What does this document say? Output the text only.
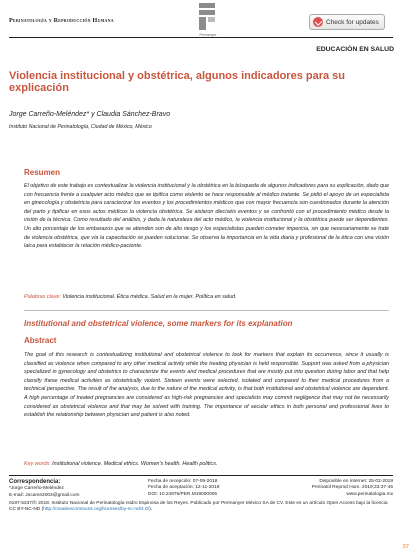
Perinatología y Reproducción Humana
Permanyer
Check for updates
EDUCACIÓN EN SALUD
Violencia institucional y obstétrica, algunos indicadores para su explicación
Jorge Carreño-Meléndez* y Claudia Sánchez-Bravo
Instituto Nacional de Perinatología, Ciudad de México, México
Resumen
El objetivo de este trabajo es contextualizar la violencia institucional y la obstétrica en la búsqueda de algunos indicadores para su explicación, dado que con frecuencia frente a cualquier acto médico que se tipifica como violento se hace responsable al médico tratante. Se pidió el apoyo de un especialista en ginecología y obstetricia para caracterizar los eventos y los procedimientos médicos que con mayor frecuencia son cuestionados durante la atención del parto y tipificar en esos actos médicos la violencia obstétrica. Se aislaron dieciséis eventos y se confrontó con el procedimiento médico desde la visión de la técnica. Como resultado del análisis, y dada la naturaleza del acto médico, la violencia institucional y la obstétrica puede ser dependientes. Un alto porcentaje de los embarazos que se atienden son de alto riesgo y los especialistas pueden cometer impericia, sin que necesariamente se trate de violencia obstétrica, que vía la capacitación se pueden solucionar. Se observa la importancia en la vida diaria y profesional de la ética con una visión laica para establecer la relación médico-paciente.
Palabras clave: Violencia institucional. Ética médica. Salud en la mujer. Política en salud.
Institutional and obstetrical violence, some markers for its explanation
Abstract
The goal of this research is contextualizing institutional and obstetrical violence to look for markers that explain its occurrence, since it usually is classified as violence when compared to any other medical activity while the treating physician is held responsible. Support was asked from a physician specialized in gynecology and obstetrics to characterize the events and medical procedures that are mostly put into question during labor and that help classify these medical activities as obstetrically violent. Sixteen events were selected, isolated and compared to their medical procedures from a technical perspective. The result of the analysis, due to the nature of the medical activity, is that both institutional and obstetrical violence are dependent. A high percentage of treated pregnancies are considered as high-risk pregnancies and specialists may commit negligence that may not be necessarily considered as obstetrical violence and that may be solved with training. The importance of secular ethics in both personal and professional lives to establish the relationship between physician and patient is also noted.
Key words: Institutional violence. Medical ethics. Women's health. Health politics.
Correspondencia:
*Jorge Carreño-Meléndez
E-mail: Jocame2003@gmail.com
Fecha de recepción: 07-09-2018
Fecha de aceptación: 12-11-2018
DOI: 10.24875/PER.M19000005
Disponible en internet: 25-03-2019
Perinatol Reprod Hum. 2019;33:37-45
www.perinatologia.mx
0187-5337/© 2018. Instituto Nacional de Perinatología Isidro Espinosa de los Reyes. Publicado por Permanyer México SA de CV. Este es un artículo Open Access bajo la licencia CC BY-NC-ND (http://creativecommons.org/licenses/by-nc-nd/4.0/).
37
